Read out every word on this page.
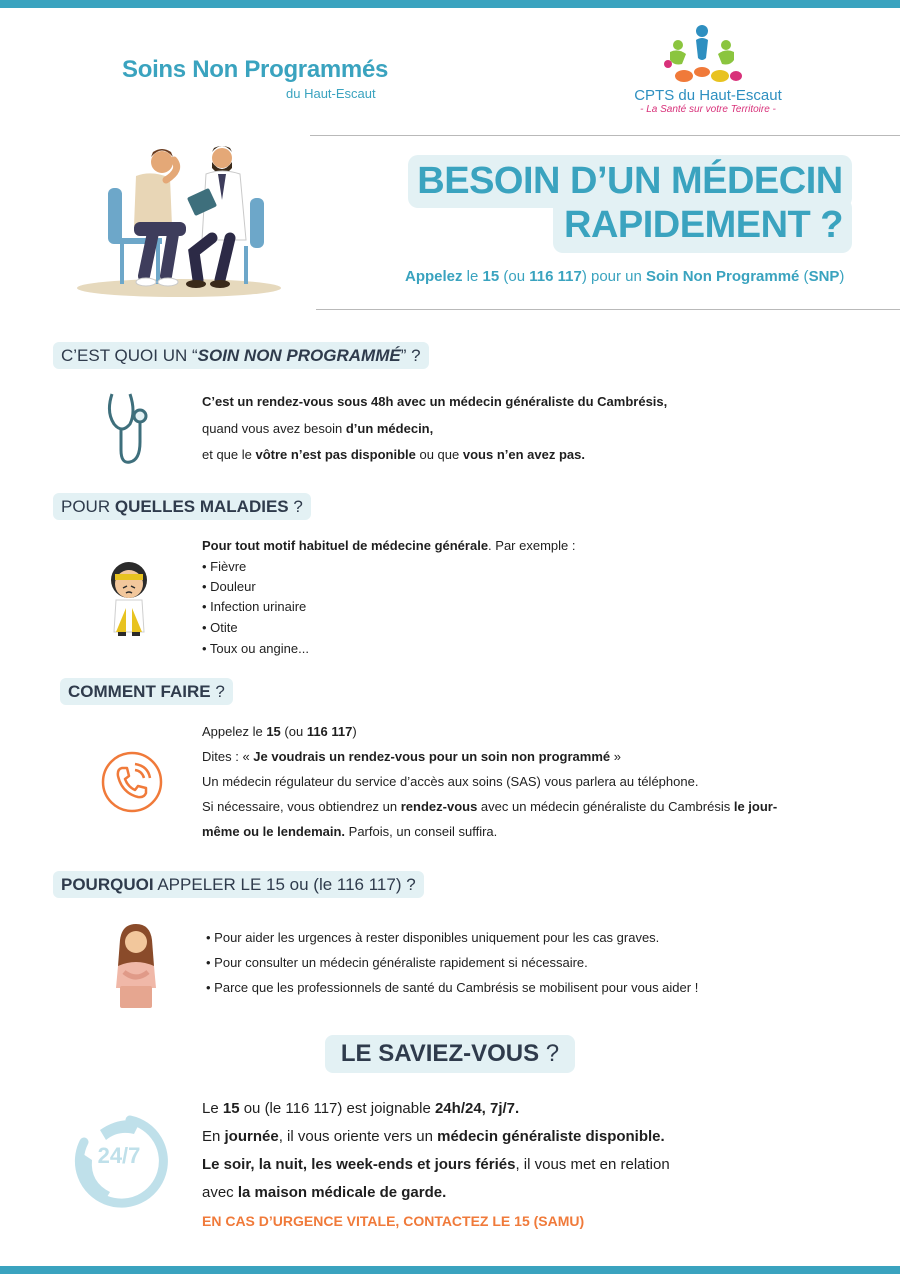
Soins Non Programmés
du Haut-Escaut	CPTS du Haut-Escaut
- La Santé sur votre Territoire -
BESOIN D’UN MÉDECIN
RAPIDEMENT ?
Appelez le 15 (ou 116 117) pour un Soin Non Programmé (SNP)
C’EST QUOI UN “SOIN NON PROGRAMMÉ” ?
C’est un rendez-vous sous 48h avec un médecin généraliste du Cambrésis,
quand vous avez besoin d’un médecin,
et que le vôtre n’est pas disponible ou que vous n’en avez pas.
POUR QUELLES MALADIES ?
Pour tout motif habituel de médecine générale. Par exemple :
• Fièvre
• Douleur
• Infection urinaire
• Otite
• Toux ou angine...
COMMENT FAIRE ?
Appelez le 15 (ou 116 117)
Dites : « Je voudrais un rendez-vous pour un soin non programmé »
Un médecin régulateur du service d’accès aux soins (SAS) vous parlera au téléphone.
Si nécessaire, vous obtiendrez un rendez-vous avec un médecin généraliste du Cambrésis le jour-
même ou le lendemain. Parfois, un conseil suffira.
POURQUOI APPELER LE 15 ou (le 116 117) ?
• Pour aider les urgences à rester disponibles uniquement pour les cas graves.
• Pour consulter un médecin généraliste rapidement si nécessaire.
• Parce que les professionnels de santé du Cambrésis se mobilisent pour vous aider !
LE SAVIEZ-VOUS ?
24/7
Le 15 ou (le 116 117) est joignable 24h/24, 7j/7.
En journée, il vous oriente vers un médecin généraliste disponible.
Le soir, la nuit, les week-ends et jours fériés, il vous met en relation
avec la maison médicale de garde.
EN CAS D’URGENCE VITALE, CONTACTEZ LE 15 (SAMU)
